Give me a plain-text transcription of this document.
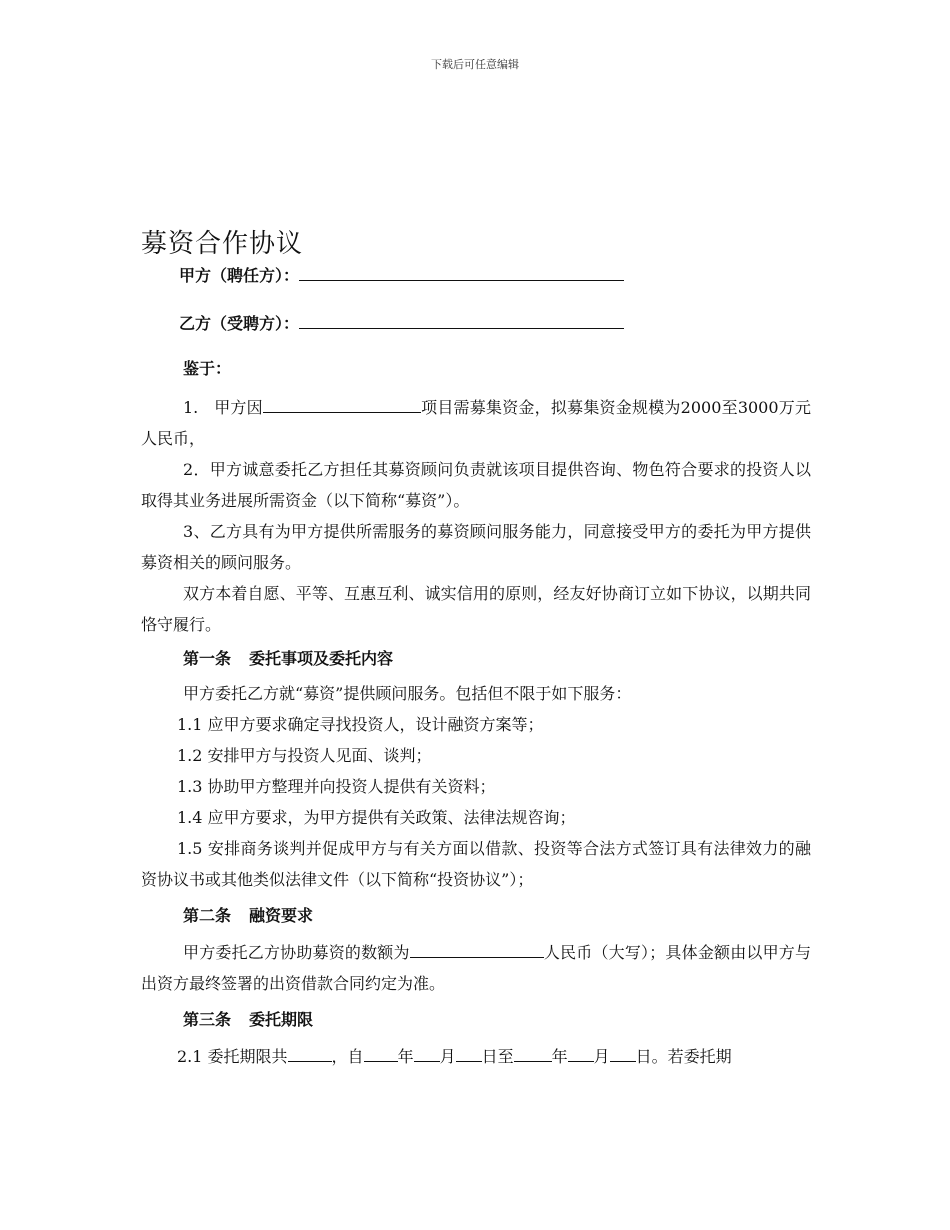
下载后可任意编辑
募资合作协议
甲方（聘任方）：
乙方（受聘方）：
鉴于：

1. 甲方因	项目需募集资金，拟募集资金规模为2000至3000万元人民币，

2．甲方诚意委托乙方担任其募资顾问负责就该项目提供咨询、物色符合要求的投资人以取得其业务进展所需资金（以下简称“募资”）。

3、乙方具有为甲方提供所需服务的募资顾问服务能力，同意接受甲方的委托为甲方提供募资相关的顾问服务。

双方本着自愿、平等、互惠互利、诚实信用的原则，经友好协商订立如下协议，以期共同恪守履行。

第一条 委托事项及委托内容

甲方委托乙方就“募资”提供顾问服务。包括但不限于如下服务：

1.1 应甲方要求确定寻找投资人，设计融资方案等；

1.2 安排甲方与投资人见面、谈判；

1.3 协助甲方整理并向投资人提供有关资料；

1.4 应甲方要求，为甲方提供有关政策、法律法规咨询；

1.5 安排商务谈判并促成甲方与有关方面以借款、投资等合法方式签订具有法律效力的融资协议书或其他类似法律文件（以下简称“投资协议”）；

第二条 融资要求

甲方委托乙方协助募资的数额为	人民币（大写）；具体金额由以甲方与出资方最终签署的出资借款合同约定为准。

第三条 委托期限

2.1 委托期限共	，自 年 月 日至 年 月 日。若委托期
